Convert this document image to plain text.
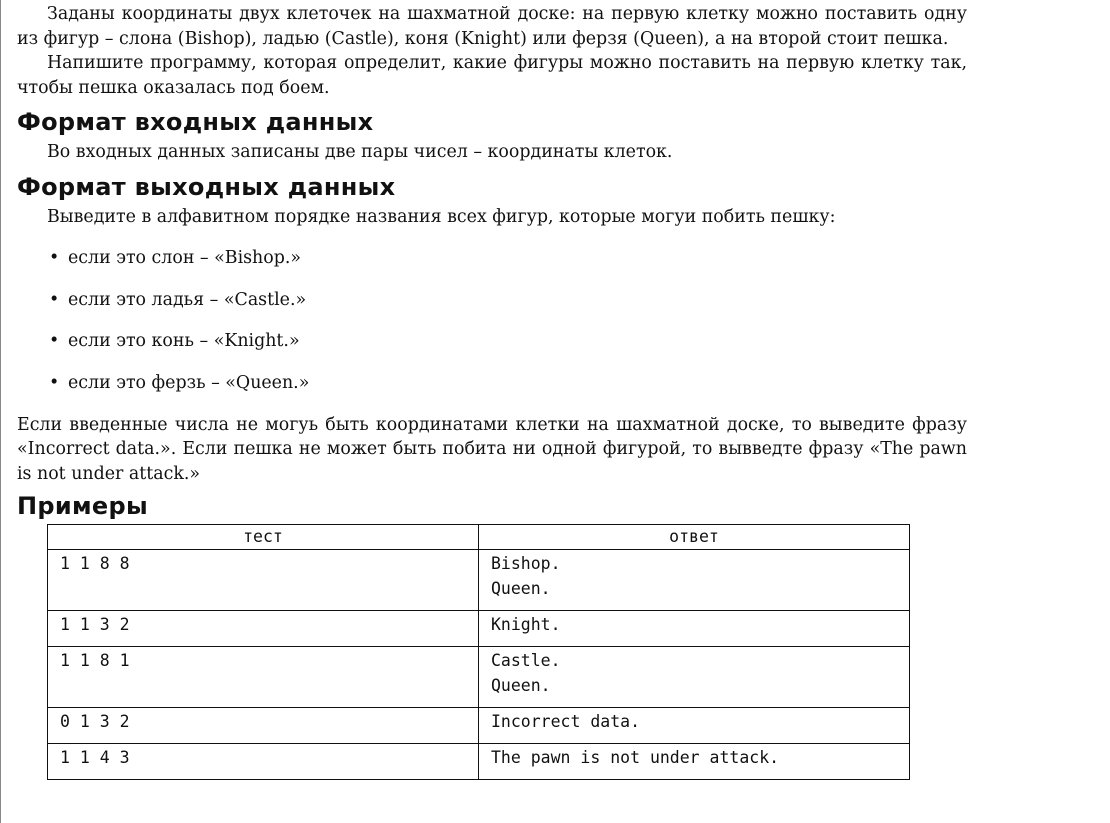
Заданы координаты двух клеточек на шахматной доске: на первую клетку можно поставить одну из фигур – слона (Bishop), ладью (Castle), коня (Knight) или ферзя (Queen), а на второй стоит пешка.

Напишите программу, которая определит, какие фигуры можно поставить на первую клетку так, чтобы пешка оказалась под боем.

Формат входных данных

Во входных данных записаны две пары чисел – координаты клеток.

Формат выходных данных

Выведите в алфавитном порядке названия всех фигур, которые могуи побить пешку:

• если это слон – «Bishop.»
• если это ладья – «Castle.»
• если это конь – «Knight.»
• если это ферзь – «Queen.»

Если введенные числа не могуь быть координатами клетки на шахматной доске, то выведите фразу «Incorrect data.». Если пешка не может быть побита ни одной фигурой, то вывведте фразу «The pawn is not under attack.»

Примеры
тест	ответ

1 1 8 8	Bishop.
Queen.

1 1 3 2	Knight.

1 1 8 1	Castle.
Queen.

0 1 3 2	Incorrect data.

1 1 4 3	The pawn is not under attack.
